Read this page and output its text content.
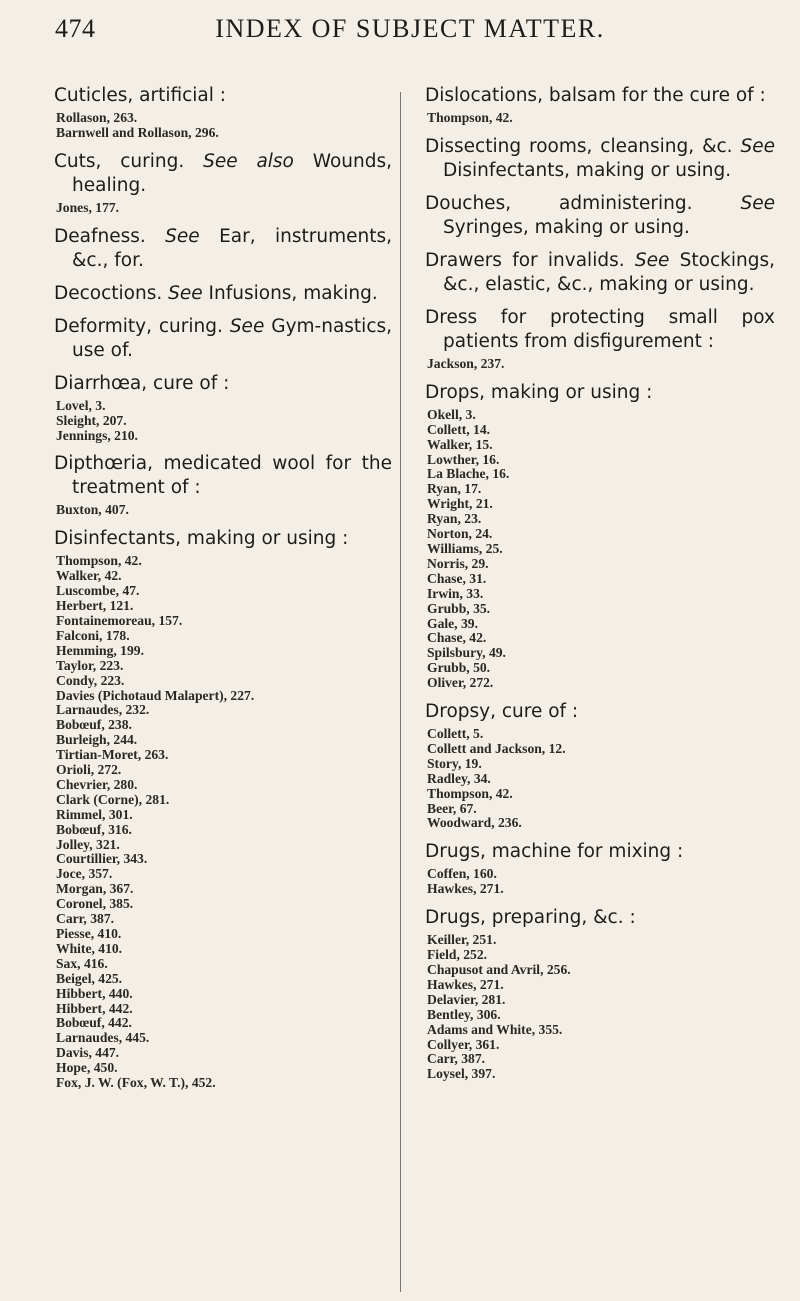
474	INDEX OF SUBJECT MATTER.
Cuticles, artificial :
Rollason, 263.
Barnwell and Rollason, 296.
Cuts, curing. See also Wounds, healing.
Jones, 177.
Deafness. See Ear, instruments, &c., for.
Decoctions. See Infusions, making.
Deformity, curing. See Gym-nastics, use of.
Diarrhœa, cure of :
Lovel, 3.
Sleight, 207.
Jennings, 210.
Dipthœria, medicated wool for the treatment of :
Buxton, 407.
Disinfectants, making or using :
Thompson, 42.
Walker, 42.
Luscombe, 47.
Herbert, 121.
Fontainemoreau, 157.
Falconi, 178.
Hemming, 199.
Taylor, 223.
Condy, 223.
Davies (Pichotaud Malapert), 227.
Larnaudes, 232.
Bobœuf, 238.
Burleigh, 244.
Tirtian-Moret, 263.
Orioli, 272.
Chevrier, 280.
Clark (Corne), 281.
Rimmel, 301.
Bobœuf, 316.
Jolley, 321.
Courtillier, 343.
Joce, 357.
Morgan, 367.
Coronel, 385.
Carr, 387.
Piesse, 410.
White, 410.
Sax, 416.
Beigel, 425.
Hibbert, 440.
Hibbert, 442.
Bobœuf, 442.
Larnaudes, 445.
Davis, 447.
Hope, 450.
Fox, J. W. (Fox, W. T.), 452.
Dislocations, balsam for the cure of :
Thompson, 42.
Dissecting rooms, cleansing, &c. See Disinfectants, making or using.
Douches, administering.	See Syringes, making or using.
Drawers for invalids. See Stockings, &c., elastic, &c., making or using.
Dress for protecting small pox patients from disfigurement :
Jackson, 237.
Drops, making or using :
Okell, 3.
Collett, 14.
Walker, 15.
Lowther, 16.
La Blache, 16.
Ryan, 17.
Wright, 21.
Ryan, 23.
Norton, 24.
Williams, 25.
Norris, 29.
Chase, 31.
Irwin, 33.
Grubb, 35.
Gale, 39.
Chase, 42.
Spilsbury, 49.
Grubb, 50.
Oliver, 272.
Dropsy, cure of :
Collett, 5.
Collett and Jackson, 12.
Story, 19.
Radley, 34.
Thompson, 42.
Beer, 67.
Woodward, 236.
Drugs, machine for mixing :
Coffen, 160.
Hawkes, 271.
Drugs, preparing, &c. :
Keiller, 251.
Field, 252.
Chapusot and Avril, 256.
Hawkes, 271.
Delavier, 281.
Bentley, 306.
Adams and White, 355.
Collyer, 361.
Carr, 387.
Loysel, 397.
